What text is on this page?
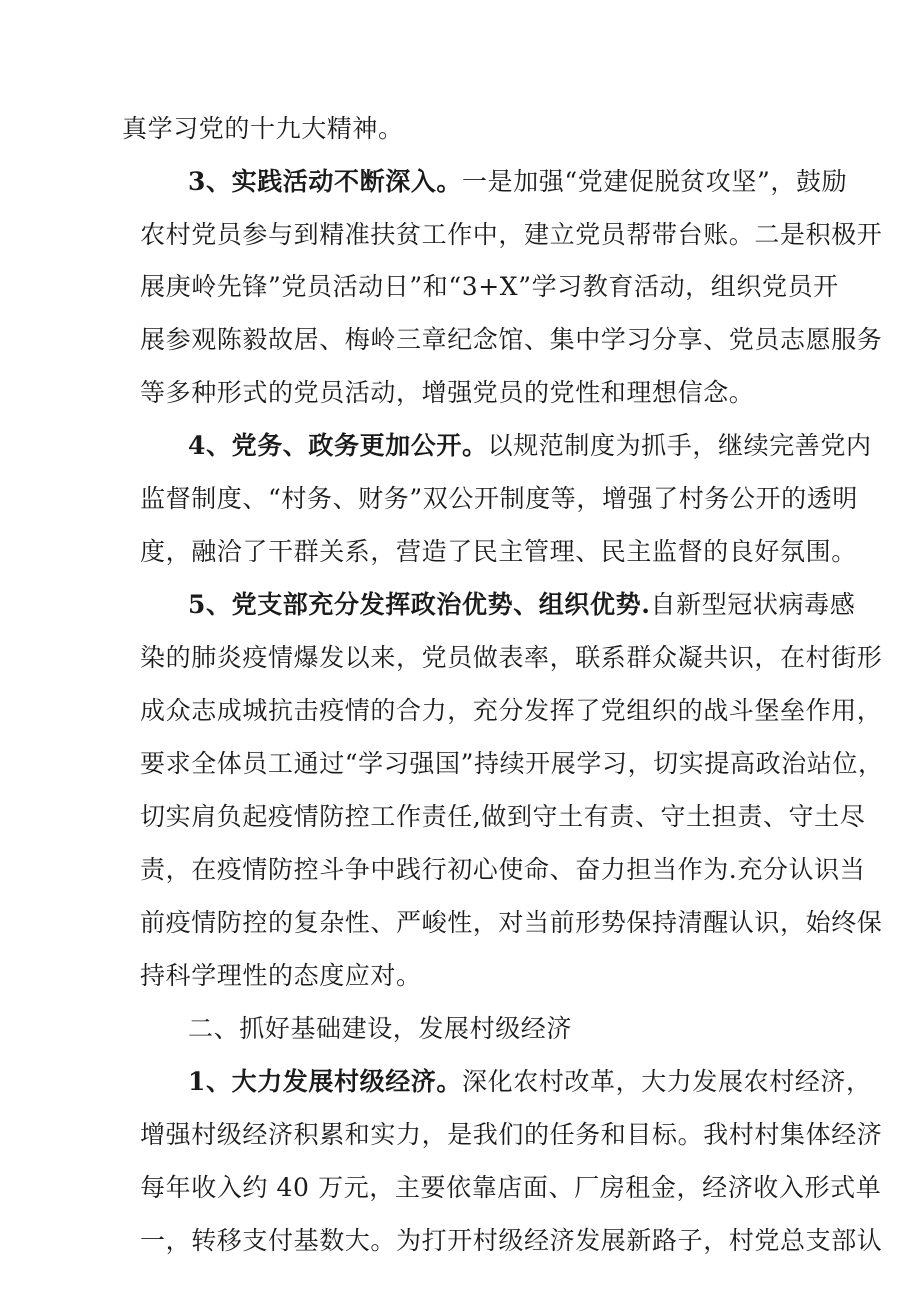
真学习党的十九大精神。
3、实践活动不断深入。一是加强“党建促脱贫攻坚”，鼓励
农村党员参与到精准扶贫工作中，建立党员帮带台账。二是积极开
展庚岭先锋”党员活动日”和“3+X”学习教育活动，组织党员开
展参观陈毅故居、梅岭三章纪念馆、集中学习分享、党员志愿服务
等多种形式的党员活动，增强党员的党性和理想信念。
4、党务、政务更加公开。以规范制度为抓手，继续完善党内
监督制度、“村务、财务”双公开制度等，增强了村务公开的透明
度，融洽了干群关系，营造了民主管理、民主监督的良好氛围。
5、党支部充分发挥政治优势、组织优势.自新型冠状病毒感
染的肺炎疫情爆发以来，党员做表率，联系群众凝共识，在村街形
成众志成城抗击疫情的合力，充分发挥了党组织的战斗堡垒作用，
要求全体员工通过“学习强国”持续开展学习，切实提高政治站位，
切实肩负起疫情防控工作责任,做到守土有责、守土担责、守土尽
责，在疫情防控斗争中践行初心使命、奋力担当作为.充分认识当
前疫情防控的复杂性、严峻性，对当前形势保持清醒认识，始终保
持科学理性的态度应对。
二、抓好基础建设，发展村级经济
1、大力发展村级经济。深化农村改革，大力发展农村经济，
增强村级经济积累和实力，是我们的任务和目标。我村村集体经济
每年收入约 40 万元，主要依靠店面、厂房租金，经济收入形式单
一，转移支付基数大。为打开村级经济发展新路子，村党总支部认
